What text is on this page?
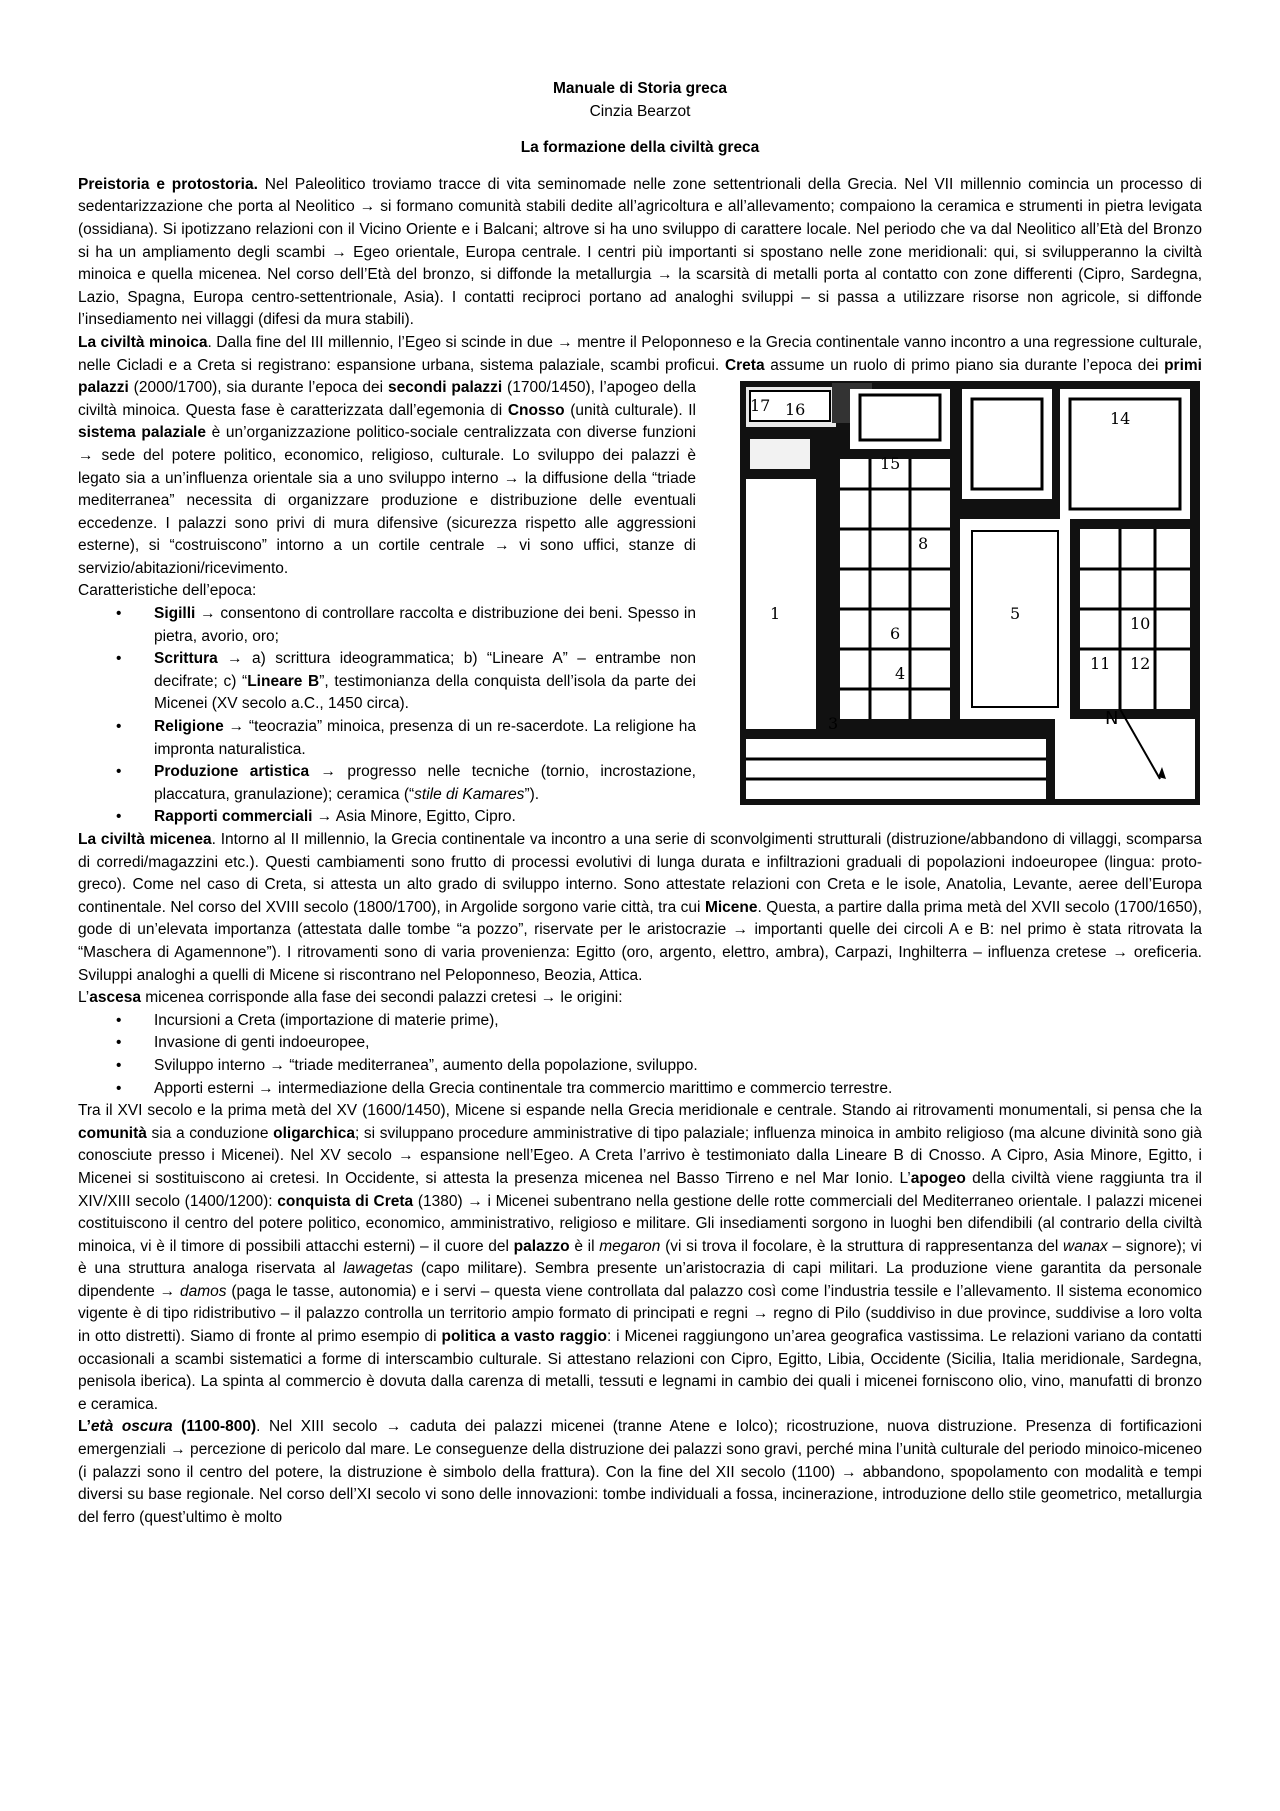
Manuale di Storia greca
Cinzia Bearzot
La formazione della civiltà greca

Preistoria e protostoria. Nel Paleolitico troviamo tracce di vita seminomade nelle zone settentrionali della Grecia. Nel VII millennio comincia un processo di sedentarizzazione che porta al Neolitico → si formano comunità stabili dedite all’agricoltura e all’allevamento; compaiono la ceramica e strumenti in pietra levigata (ossidiana). Si ipotizzano relazioni con il Vicino Oriente e i Balcani; altrove si ha uno sviluppo di carattere locale. Nel periodo che va dal Neolitico all’Età del Bronzo si ha un ampliamento degli scambi → Egeo orientale, Europa centrale. I centri più importanti si spostano nelle zone meridionali: qui, si svilupperanno la civiltà minoica e quella micenea. Nel corso dell’Età del bronzo, si diffonde la metallurgia → la scarsità di metalli porta al contatto con zone differenti (Cipro, Sardegna, Lazio, Spagna, Europa centro-settentrionale, Asia). I contatti reciproci portano ad analoghi sviluppi – si passa a utilizzare risorse non agricole, si diffonde l’insediamento nei villaggi (difesi da mura stabili).

La civiltà minoica. Dalla fine del III millennio, l’Egeo si scinde in due → mentre il Peloponneso e la Grecia continentale vanno incontro a una regressione culturale, nelle Cicladi e a Creta si registrano: espansione urbana, sistema palaziale, scambi proficui. Creta assume un ruolo di primo piano sia durante l’epoca dei
17 16	14
15
8
5
1
6
4
10
11 12
3	N
primi palazzi (2000/1700), sia durante l’epoca dei secondi palazzi (1700/1450), l’apogeo della civiltà minoica. Questa fase è caratterizzata dall’egemonia di Cnosso (unità culturale). Il sistema palaziale è un’organizzazione politico-sociale centralizzata con diverse funzioni → sede del potere politico, economico, religioso, culturale. Lo sviluppo dei palazzi è legato sia a un’influenza orientale sia a uno sviluppo interno → la diffusione della “triade mediterranea” necessita di organizzare produzione e distribuzione delle eventuali eccedenze. I palazzi sono privi di mura difensive (sicurezza rispetto alle aggressioni esterne), si “costruiscono” intorno a un cortile centrale → vi sono uffici, stanze di servizio/abitazioni/ricevimento.

Caratteristiche dell’epoca:

• Sigilli → consentono di controllare raccolta e distribuzione dei beni. Spesso in pietra, avorio, oro;
• Scrittura → a) scrittura ideogrammatica; b) “Lineare A” – entrambe non decifrate; c) “Lineare B”, testimonianza della conquista dell’isola da parte dei Micenei (XV secolo a.C., 1450 circa).
• Religione → “teocrazia” minoica, presenza di un re-sacerdote. La religione ha impronta naturalistica.
• Produzione artistica → progresso nelle tecniche (tornio, incrostazione, placcatura, granulazione); ceramica (“stile di Kamares”).
• Rapporti commerciali → Asia Minore, Egitto, Cipro.

La civiltà micenea. Intorno al II millennio, la Grecia continentale va incontro a una serie di sconvolgimenti strutturali (distruzione/abbandono di villaggi, scomparsa di corredi/magazzini etc.). Questi cambiamenti sono frutto di processi evolutivi di lunga durata e infiltrazioni graduali di popolazioni indoeuropee (lingua: proto-greco). Come nel caso di Creta, si attesta un alto grado di sviluppo interno. Sono attestate relazioni con Creta e le isole, Anatolia, Levante, aeree dell’Europa continentale. Nel corso del XVIII secolo (1800/1700), in Argolide sorgono varie città, tra cui Micene. Questa, a partire dalla prima metà del XVII secolo (1700/1650), gode di un’elevata importanza (attestata dalle tombe “a pozzo”, riservate per le aristocrazie → importanti quelle dei circoli A e B: nel primo è stata ritrovata la “Maschera di Agamennone”). I ritrovamenti sono di varia provenienza: Egitto (oro, argento, elettro, ambra), Carpazi, Inghilterra – influenza cretese → oreficeria. Sviluppi analoghi a quelli di Micene si riscontrano nel Peloponneso, Beozia, Attica.

L’ascesa micenea corrisponde alla fase dei secondi palazzi cretesi → le origini:

• Incursioni a Creta (importazione di materie prime),
• Invasione di genti indoeuropee,
• Sviluppo interno → “triade mediterranea”, aumento della popolazione, sviluppo.
• Apporti esterni → intermediazione della Grecia continentale tra commercio marittimo e commercio terrestre.

Tra il XVI secolo e la prima metà del XV (1600/1450), Micene si espande nella Grecia meridionale e centrale. Stando ai ritrovamenti monumentali, si pensa che la comunità sia a conduzione oligarchica; si sviluppano procedure amministrative di tipo palaziale; influenza minoica in ambito religioso (ma alcune divinità sono già conosciute presso i Micenei). Nel XV secolo → espansione nell’Egeo. A Creta l’arrivo è testimoniato dalla Lineare B di Cnosso. A Cipro, Asia Minore, Egitto, i Micenei si sostituiscono ai cretesi. In Occidente, si attesta la presenza micenea nel Basso Tirreno e nel Mar Ionio. L’apogeo della civiltà viene raggiunta tra il XIV/XIII secolo (1400/1200): conquista di Creta (1380) → i Micenei subentrano nella gestione delle rotte commerciali del Mediterraneo orientale. I palazzi micenei costituiscono il centro del potere politico, economico, amministrativo, religioso e militare. Gli insediamenti sorgono in luoghi ben difendibili (al contrario della civiltà minoica, vi è il timore di possibili attacchi esterni) – il cuore del palazzo è il megaron (vi si trova il focolare, è la struttura di rappresentanza del wanax – signore); vi è una struttura analoga riservata al lawagetas (capo militare). Sembra presente un’aristocrazia di capi militari. La produzione viene garantita da personale dipendente → damos (paga le tasse, autonomia) e i servi – questa viene controllata dal palazzo così come l’industria tessile e l’allevamento. Il sistema economico vigente è di tipo ridistributivo – il palazzo controlla un territorio ampio formato di principati e regni → regno di Pilo (suddiviso in due province, suddivise a loro volta in otto distretti). Siamo di fronte al primo esempio di politica a vasto raggio: i Micenei raggiungono un’area geografica vastissima. Le relazioni variano da contatti occasionali a scambi sistematici a forme di interscambio culturale. Si attestano relazioni con Cipro, Egitto, Libia, Occidente (Sicilia, Italia meridionale, Sardegna, penisola iberica). La spinta al commercio è dovuta dalla carenza di metalli, tessuti e legnami in cambio dei quali i micenei forniscono olio, vino, manufatti di bronzo e ceramica.

L’età oscura (1100-800). Nel XIII secolo → caduta dei palazzi micenei (tranne Atene e Iolco); ricostruzione, nuova distruzione. Presenza di fortificazioni emergenziali → percezione di pericolo dal mare. Le conseguenze della distruzione dei palazzi sono gravi, perché mina l’unità culturale del periodo minoico-miceneo (i palazzi sono il centro del potere, la distruzione è simbolo della frattura). Con la fine del XII secolo (1100) → abbandono, spopolamento con modalità e tempi diversi su base regionale. Nel corso dell’XI secolo vi sono delle innovazioni: tombe individuali a fossa, incinerazione, introduzione dello stile geometrico, metallurgia del ferro (quest’ultimo è molto
